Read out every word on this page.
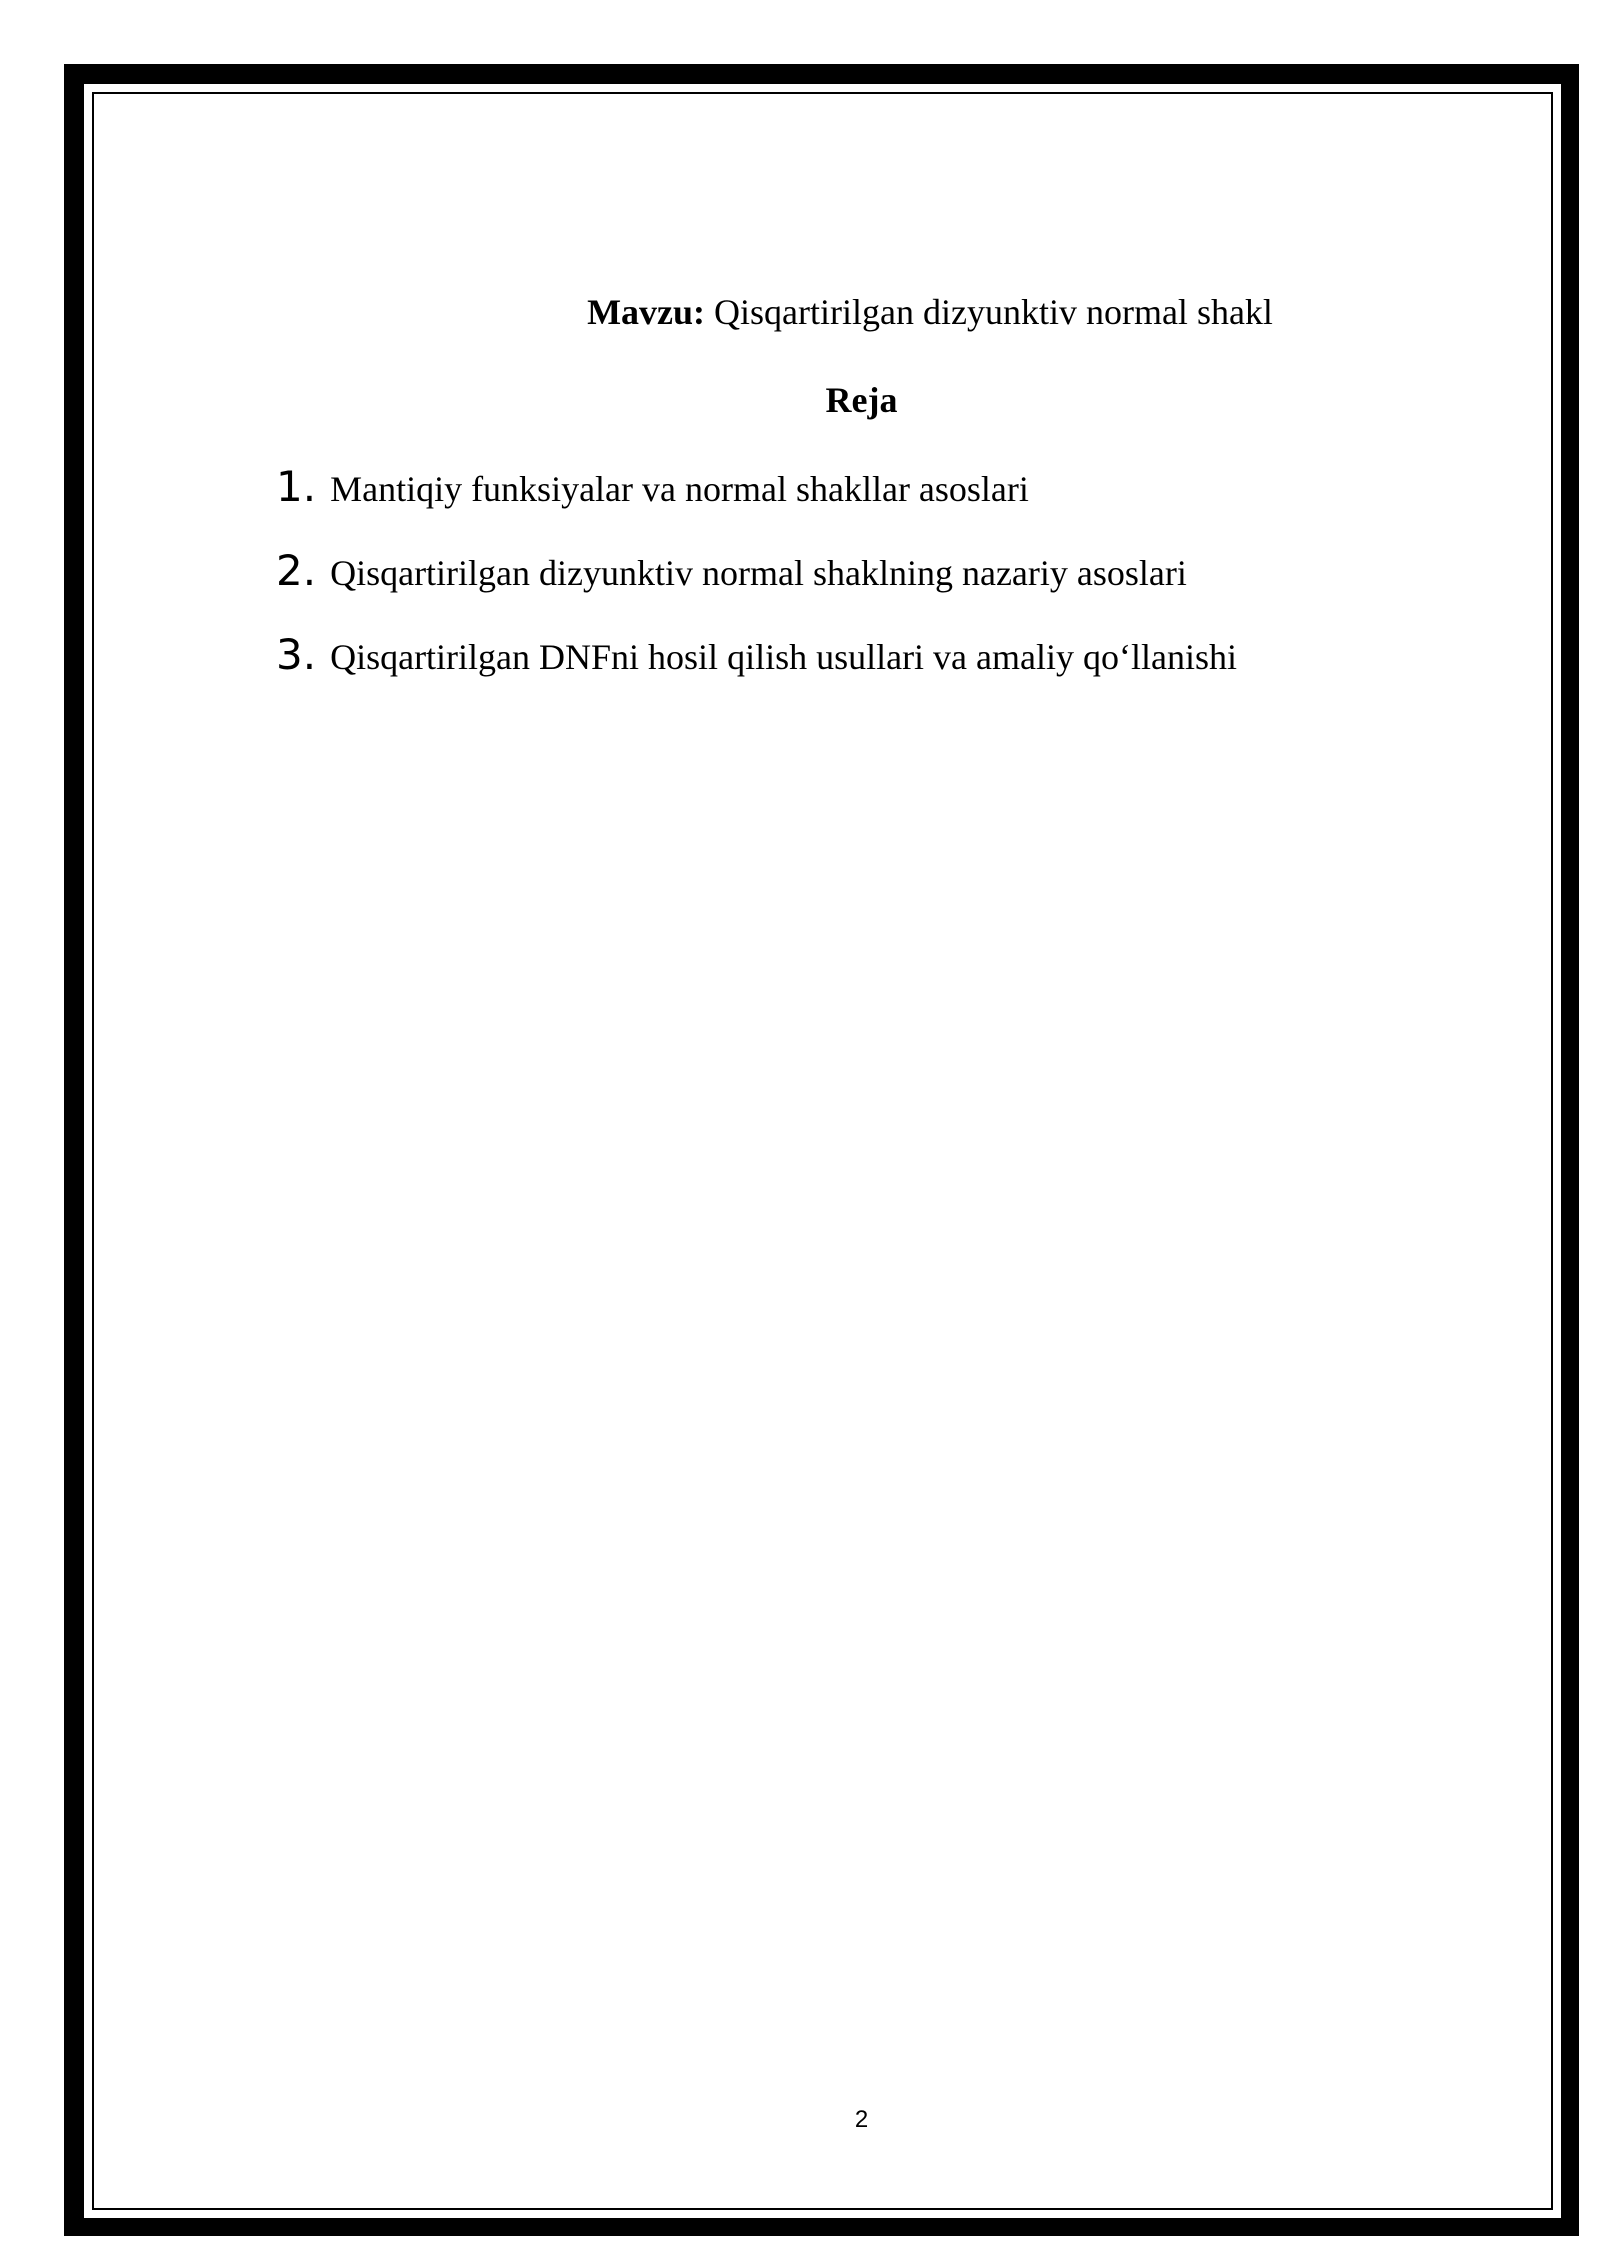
Mavzu: Qisqartirilgan dizyunktiv normal shakl
Reja
1. Mantiqiy funksiyalar va normal shakllar asoslari
2. Qisqartirilgan dizyunktiv normal shaklning nazariy asoslari
3. Qisqartirilgan DNFni hosil qilish usullari va amaliy qo‘llanishi
2
